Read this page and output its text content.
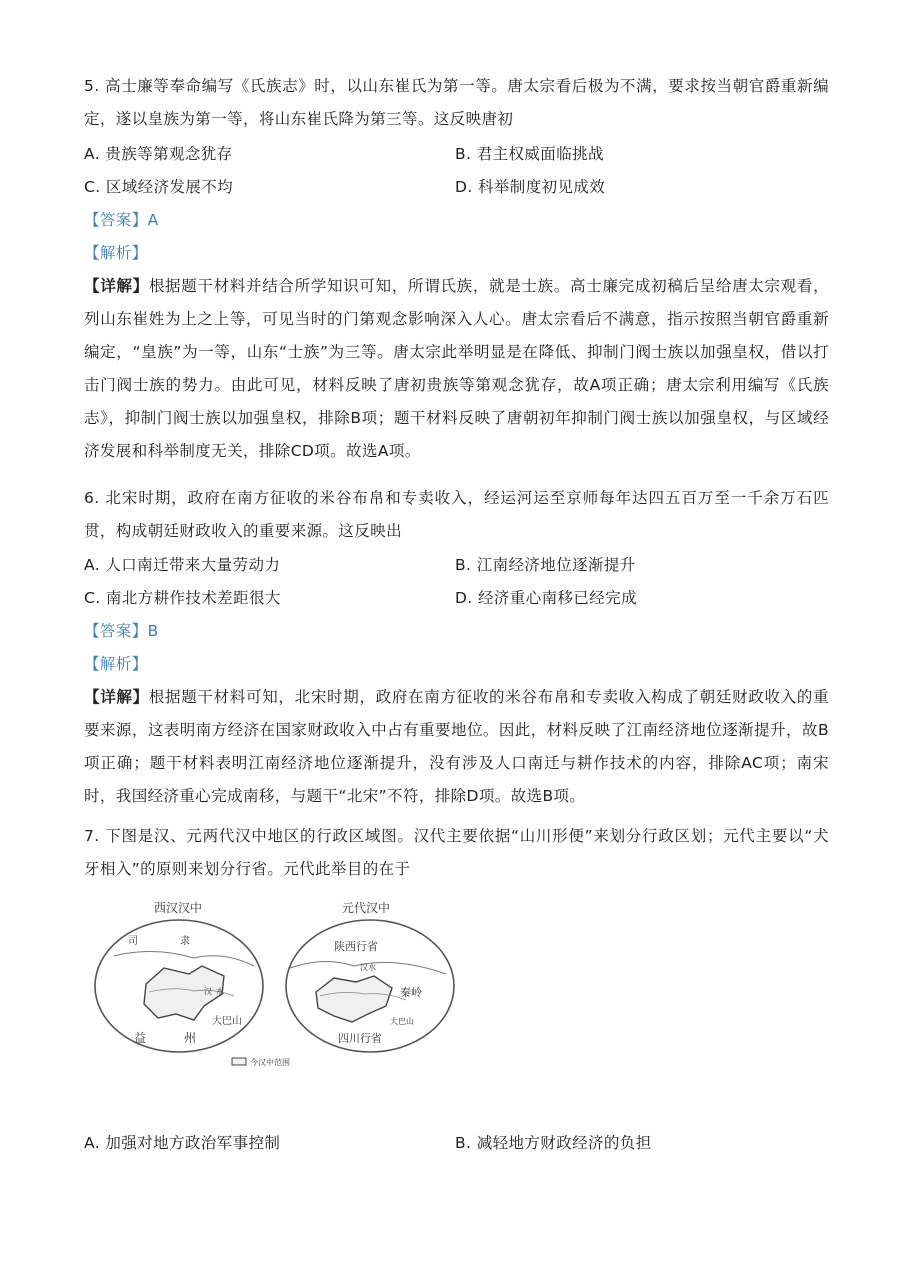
5. 高士廉等奉命编写《氏族志》时，以山东崔氏为第一等。唐太宗看后极为不满，要求按当朝官爵重新编定，遂以皇族为第一等，将山东崔氏降为第三等。这反映唐初

A. 贵族等第观念犹存	B. 君主权威面临挑战
C. 区域经济发展不均	D. 科举制度初见成效
【答案】A
【解析】

【详解】根据题干材料并结合所学知识可知，所谓氏族，就是士族。高士廉完成初稿后呈给唐太宗观看，列山东崔姓为上之上等，可见当时的门第观念影响深入人心。唐太宗看后不满意，指示按照当朝官爵重新编定，“皇族”为一等，山东“士族”为三等。唐太宗此举明显是在降低、抑制门阀士族以加强皇权，借以打击门阀士族的势力。由此可见，材料反映了唐初贵族等第观念犹存，故A项正确；唐太宗利用编写《氏族志》，抑制门阀士族以加强皇权，排除B项；题干材料反映了唐朝初年抑制门阀士族以加强皇权，与区域经济发展和科举制度无关，排除CD项。故选A项。

6. 北宋时期，政府在南方征收的米谷布帛和专卖收入，经运河运至京师每年达四五百万至一千余万石匹贯，构成朝廷财政收入的重要来源。这反映出

A. 人口南迁带来大量劳动力	B. 江南经济地位逐渐提升
C. 南北方耕作技术差距很大	D. 经济重心南移已经完成
【答案】B
【解析】

【详解】根据题干材料可知，北宋时期，政府在南方征收的米谷布帛和专卖收入构成了朝廷财政收入的重要来源，这表明南方经济在国家财政收入中占有重要地位。因此，材料反映了江南经济地位逐渐提升，故B项正确；题干材料表明江南经济地位逐渐提升，没有涉及人口南迁与耕作技术的内容，排除AC项；南宋时，我国经济重心完成南移，与题干“北宋”不符，排除D项。故选B项。

7. 下图是汉、元两代汉中地区的行政区域图。汉代主要依据“山川形便”来划分行政区划；元代主要以“犬牙相入”的原则来划分行省。元代此举目的在于

西汉汉中
司	隶
汉 水
大巴山
益	州
元代汉中
陕西行省
汉水
秦岭
大巴山
四川行省
今汉中范围
A. 加强对地方政治军事控制	B. 减轻地方财政经济的负担
